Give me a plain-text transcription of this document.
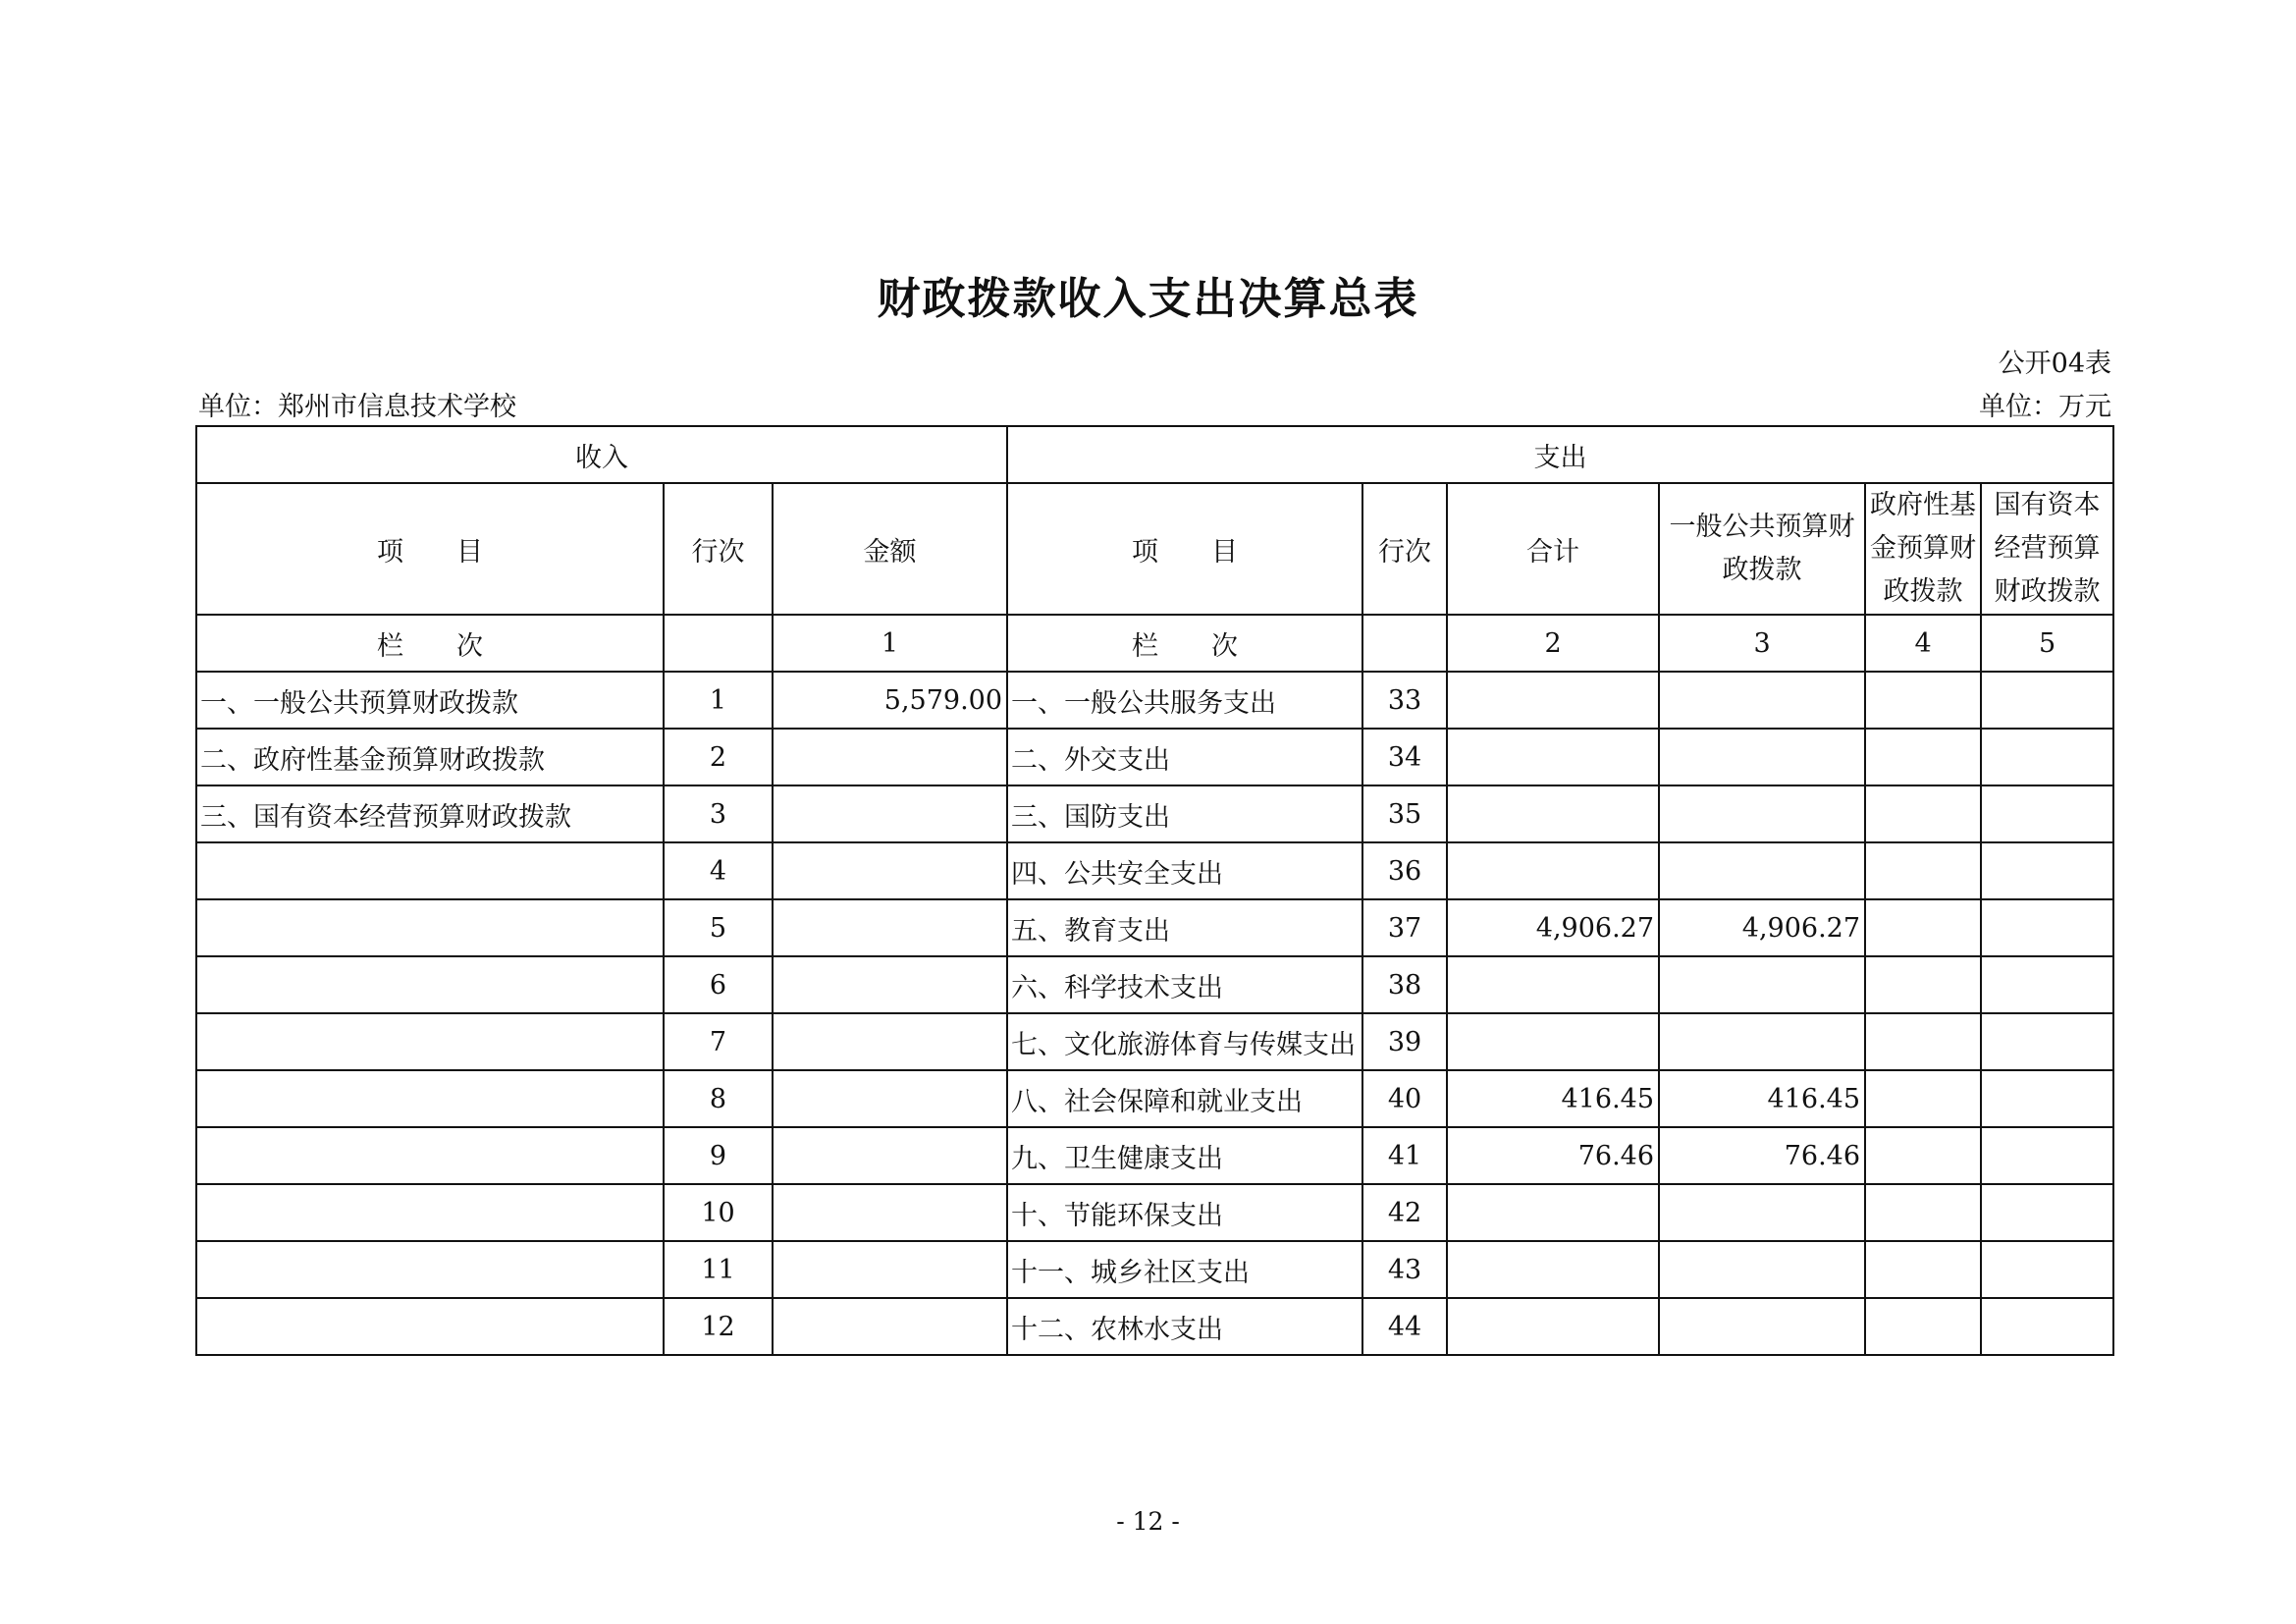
财政拨款收入支出决算总表
公开04表
单位：郑州市信息技术学校	单位：万元
收入			支出					
项　　目	行次	金额	项　　目	行次	合计	一般公共预算财政拨款	政府性基金预算财政拨款	国有资本经营预算财政拨款
栏　　次		1	栏　　次		2	3	4	5
一、一般公共预算财政拨款	1	5,579.00	一、一般公共服务支出	33				
二、政府性基金预算财政拨款	2		二、外交支出	34				
三、国有资本经营预算财政拨款	3		三、国防支出	35				
	4		四、公共安全支出	36				
	5		五、教育支出	37	4,906.27	4,906.27		
	6		六、科学技术支出	38				
	7		七、文化旅游体育与传媒支出	39				
	8		八、社会保障和就业支出	40	416.45	416.45		
	9		九、卫生健康支出	41	76.46	76.46		
	10		十、节能环保支出	42				
	11		十一、城乡社区支出	43				
	12		十二、农林水支出	44				
- 12 -
